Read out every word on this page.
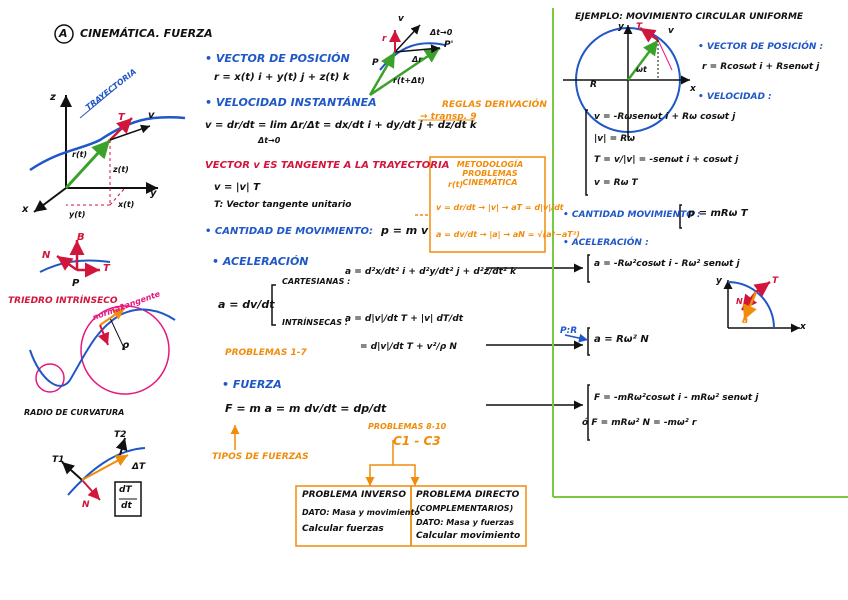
A CINEMÁTICA. FUERZA
z
y
x
TRAYECTORIA
r(t)
v
T
z(t)
x(t)
y(t)
B
N
T
P
TRIEDRO INTRÍNSECO
normal
tangente
N
ρ
RADIO DE CURVATURA
T1
T2
ΔT
N
dT
dt
v
Δt→0
r
P
P'
Δr
r(t+Δt)
• VECTOR DE POSICIÓN
r = x(t) i + y(t) j + z(t) k
• VELOCIDAD INSTANTÁNEA
v = dr/dt = lim Δr/Δt = dx/dt i + dy/dt j + dz/dt k
Δt→0
REGLAS DERIVACIÓN
→ transp. 9
VECTOR v ES TANGENTE A LA TRAYECTORIA
v = |v| T
T: Vector tangente unitario
• CANTIDAD DE MOVIMIENTO: p = m v
METODOLOGÍA PROBLEMAS CINEMÁTICA
r(t)
v = dr/dt → |v| → aT = d|v|/dt
a = dv/dt → |a| → aN = √(a²−aT²)
• ACELERACIÓN
a = dv/dt
CARTESIANAS :
a = d²x/dt² i + d²y/dt² j + d²z/dt² k
INTRÍNSECAS :
a = d|v|/dt T + |v| dT/dt
= d|v|/dt T + v²/ρ N
PROBLEMAS 1-7
• FUERZA
F = m a = m dv/dt = dp/dt
PROBLEMAS 8-10
C1 - C3
TIPOS DE FUERZAS
PROBLEMA INVERSO
DATO: Masa y movimiento
Calcular fuerzas
PROBLEMA DIRECTO
(COMPLEMENTARIOS)
DATO: Masa y fuerzas
Calcular movimiento
EJEMPLO: MOVIMIENTO CIRCULAR UNIFORME
y
x
R
ωt
T	v
• VECTOR DE POSICIÓN :
r = Rcosωt i + Rsenωt j
• VELOCIDAD :
v = -Rωsenωt i + Rω cosωt j
|v| = Rω
T = v/|v| = -senωt i + cosωt j
v = Rω T
• CANTIDAD MOVIMIENTO :
p = mRω T
• ACELERACIÓN :
a = -Rω²cosωt i - Rω² senωt j
y
x
T
N
a
P:R
a = Rω² N
F = -mRω²cosωt i - mRω² senωt j
ó F = mRω² N = -mω² r
